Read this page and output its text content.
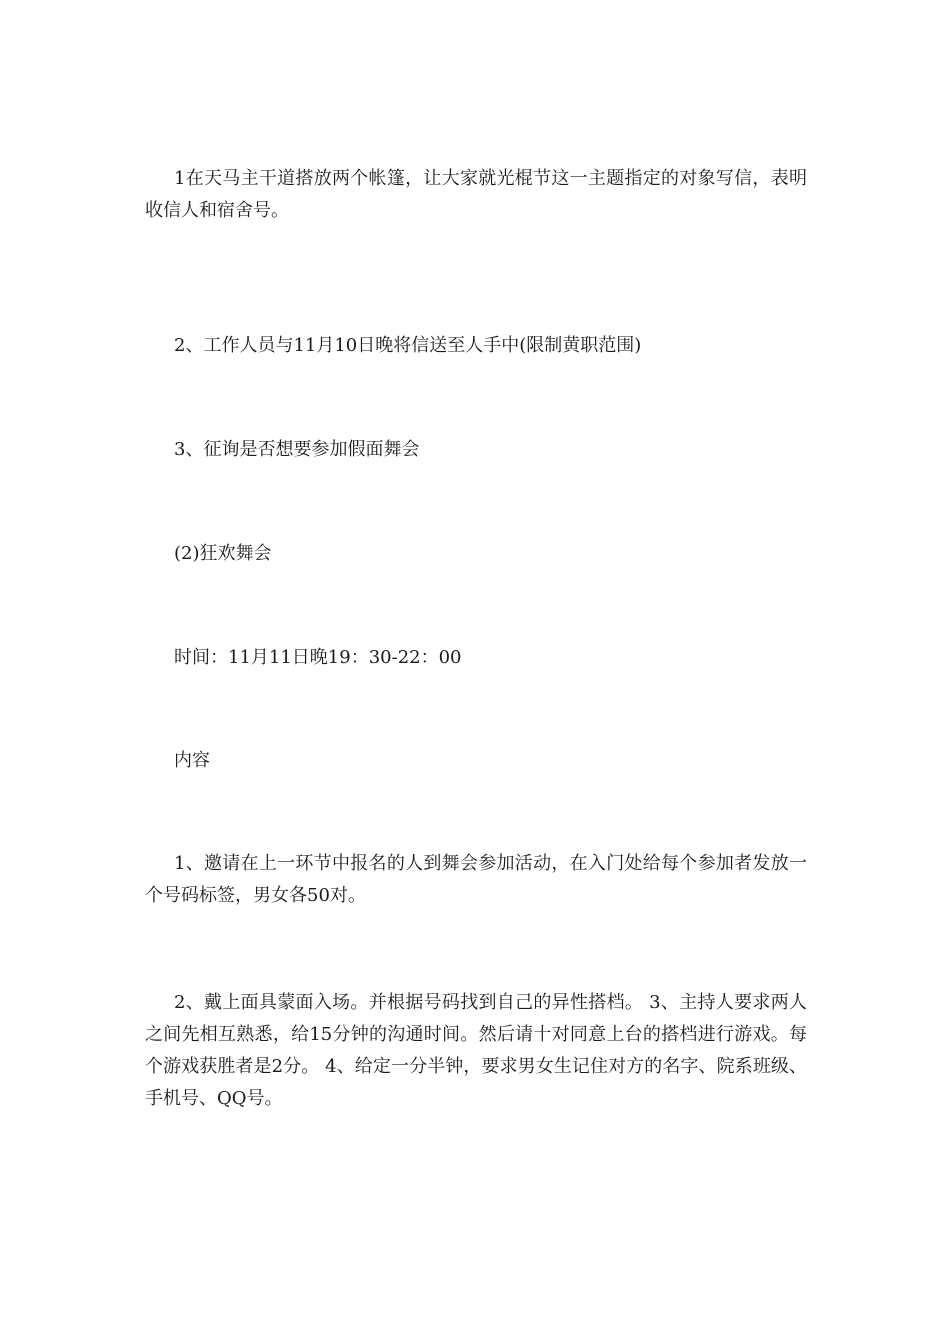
1在天马主干道搭放两个帐篷，让大家就光棍节这一主题指定的对象写信，表明收信人和宿舍号。

2、工作人员与11月10日晚将信送至人手中(限制黄职范围)

3、征询是否想要参加假面舞会

(2)狂欢舞会

时间：11月11日晚19：30-22：00

内容

1、邀请在上一环节中报名的人到舞会参加活动，在入门处给每个参加者发放一个号码标签，男女各50对。

2、戴上面具蒙面入场。并根据号码找到自己的异性搭档。 3、主持人要求两人之间先相互熟悉，给15分钟的沟通时间。然后请十对同意上台的搭档进行游戏。每个游戏获胜者是2分。 4、给定一分半钟，要求男女生记住对方的名字、院系班级、手机号、QQ号。
